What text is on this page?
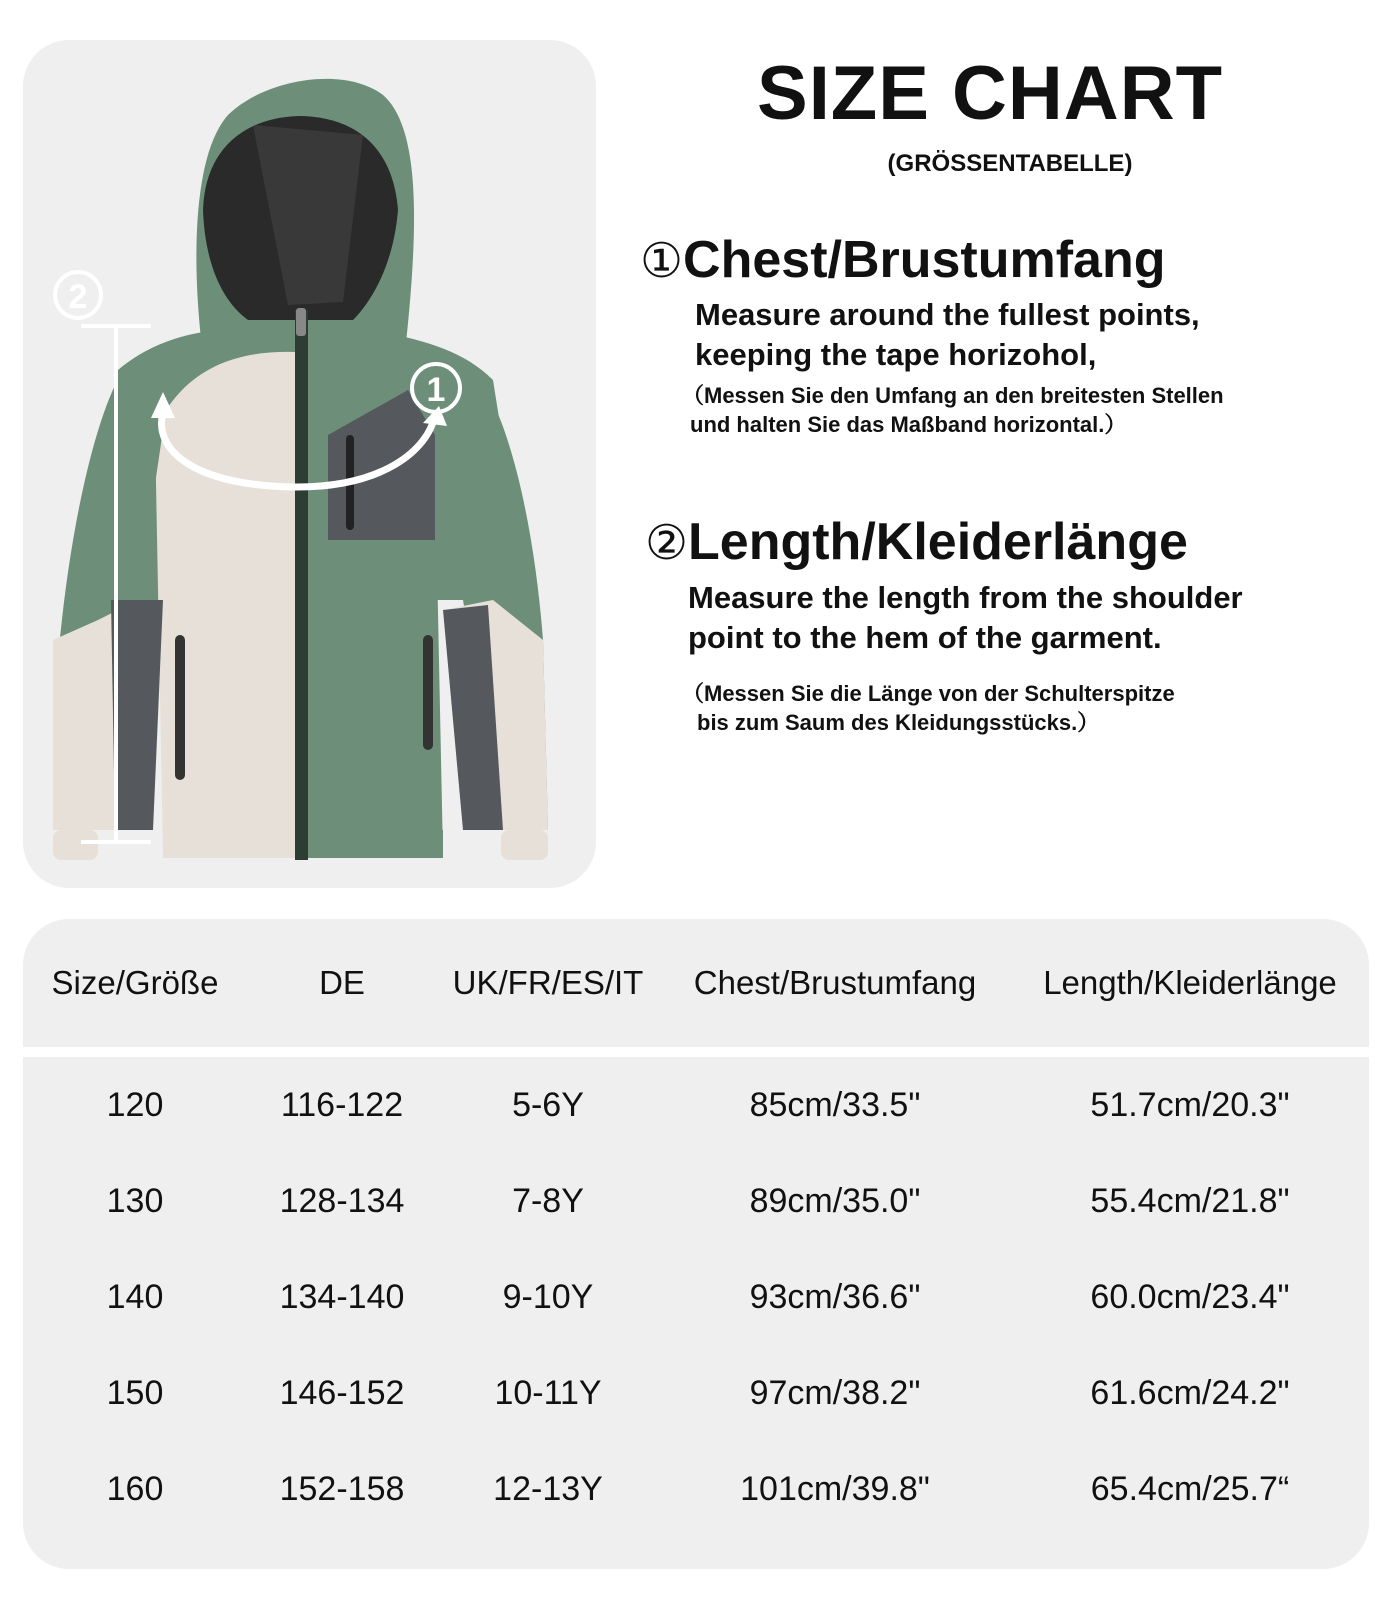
2
1
SIZE CHART

(GRÖSSENTABELLE)

①Chest/Brustumfang

Measure around the fullest points,

keeping the tape horizohol,

（Messen Sie den Umfang an den breitesten Stellen

und halten Sie das Maßband horizontal.）

②Length/Kleiderlänge

Measure the length from the shoulder

point to the hem of the garment.

（Messen Sie die Länge von der Schulterspitze

bis zum Saum des Kleidungsstücks.）

Size/Größe	DE	UK/FR/ES/IT	Chest/Brustumfang	Length/Kleiderlänge
120	116-122	5-6Y	85cm/33.5"	51.7cm/20.3"
130	128-134	7-8Y	89cm/35.0"	55.4cm/21.8"
140	134-140	9-10Y	93cm/36.6"	60.0cm/23.4"
150	146-152	10-11Y	97cm/38.2"	61.6cm/24.2"
160	152-158	12-13Y	101cm/39.8"	65.4cm/25.7“
